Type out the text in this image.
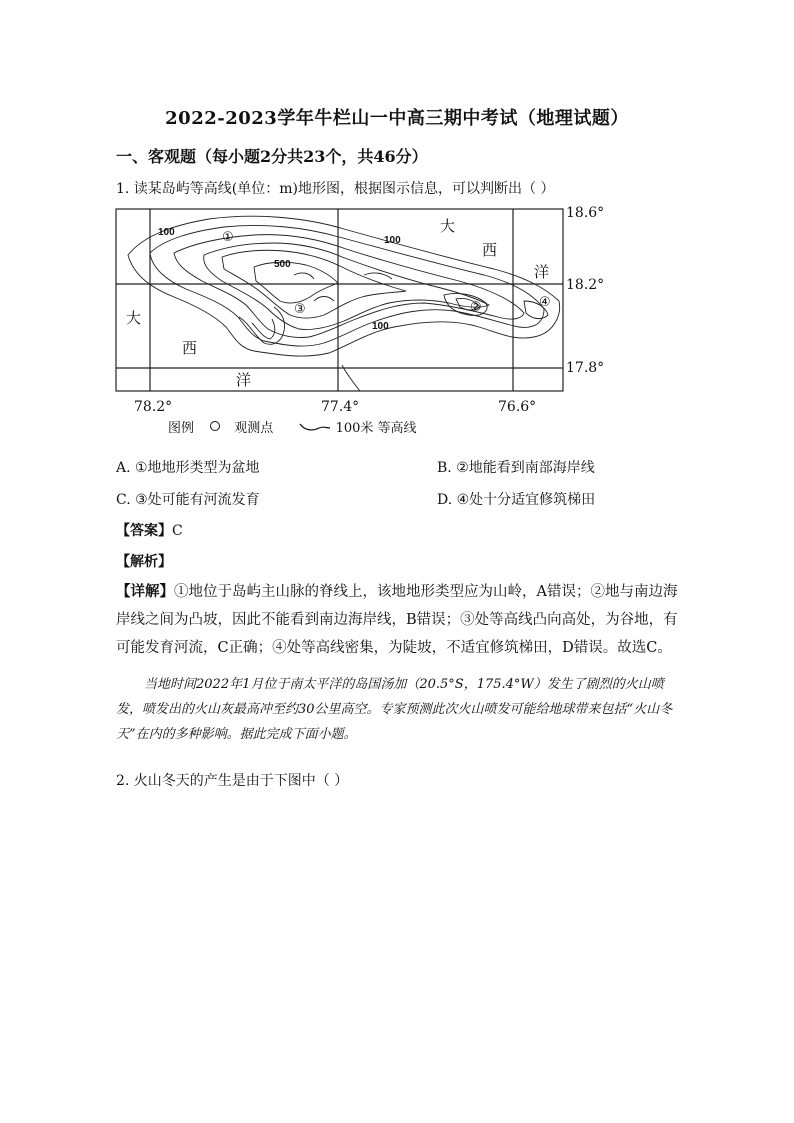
2022-2023学年牛栏山一中高三期中考试（地理试题）
一、客观题（每小题2分共23个，共46分）
1. 读某岛屿等高线(单位：m)地形图，根据图示信息，可以判断出（ ）
100
100
500
100
①
②
③	④
大
西
洋
大
西
洋
18.6°
18.2°
17.8°
78.2°	77.4°	76.6°
图例	观测点	100米 等高线
A. ①地地形类型为盆地	B. ②地能看到南部海岸线
C. ③处可能有河流发育	D. ④处十分适宜修筑梯田
【答案】C
【解析】
【详解】①地位于岛屿主山脉的脊线上，该地地形类型应为山岭，A错误；②地与南边海岸线之间为凸坡，因此不能看到南边海岸线，B错误；③处等高线凸向高处，为谷地，有可能发育河流，C正确；④处等高线密集，为陡坡，不适宜修筑梯田，D错误。故选C。
当地时间2022年1月位于南太平洋的岛国汤加（20.5°S，175.4°W）发生了剧烈的火山喷发，喷发出的火山灰最高冲至约30公里高空。专家预测此次火山喷发可能给地球带来包括“火山冬天”在内的多种影响。据此完成下面小题。
2. 火山冬天的产生是由于下图中（ ）
